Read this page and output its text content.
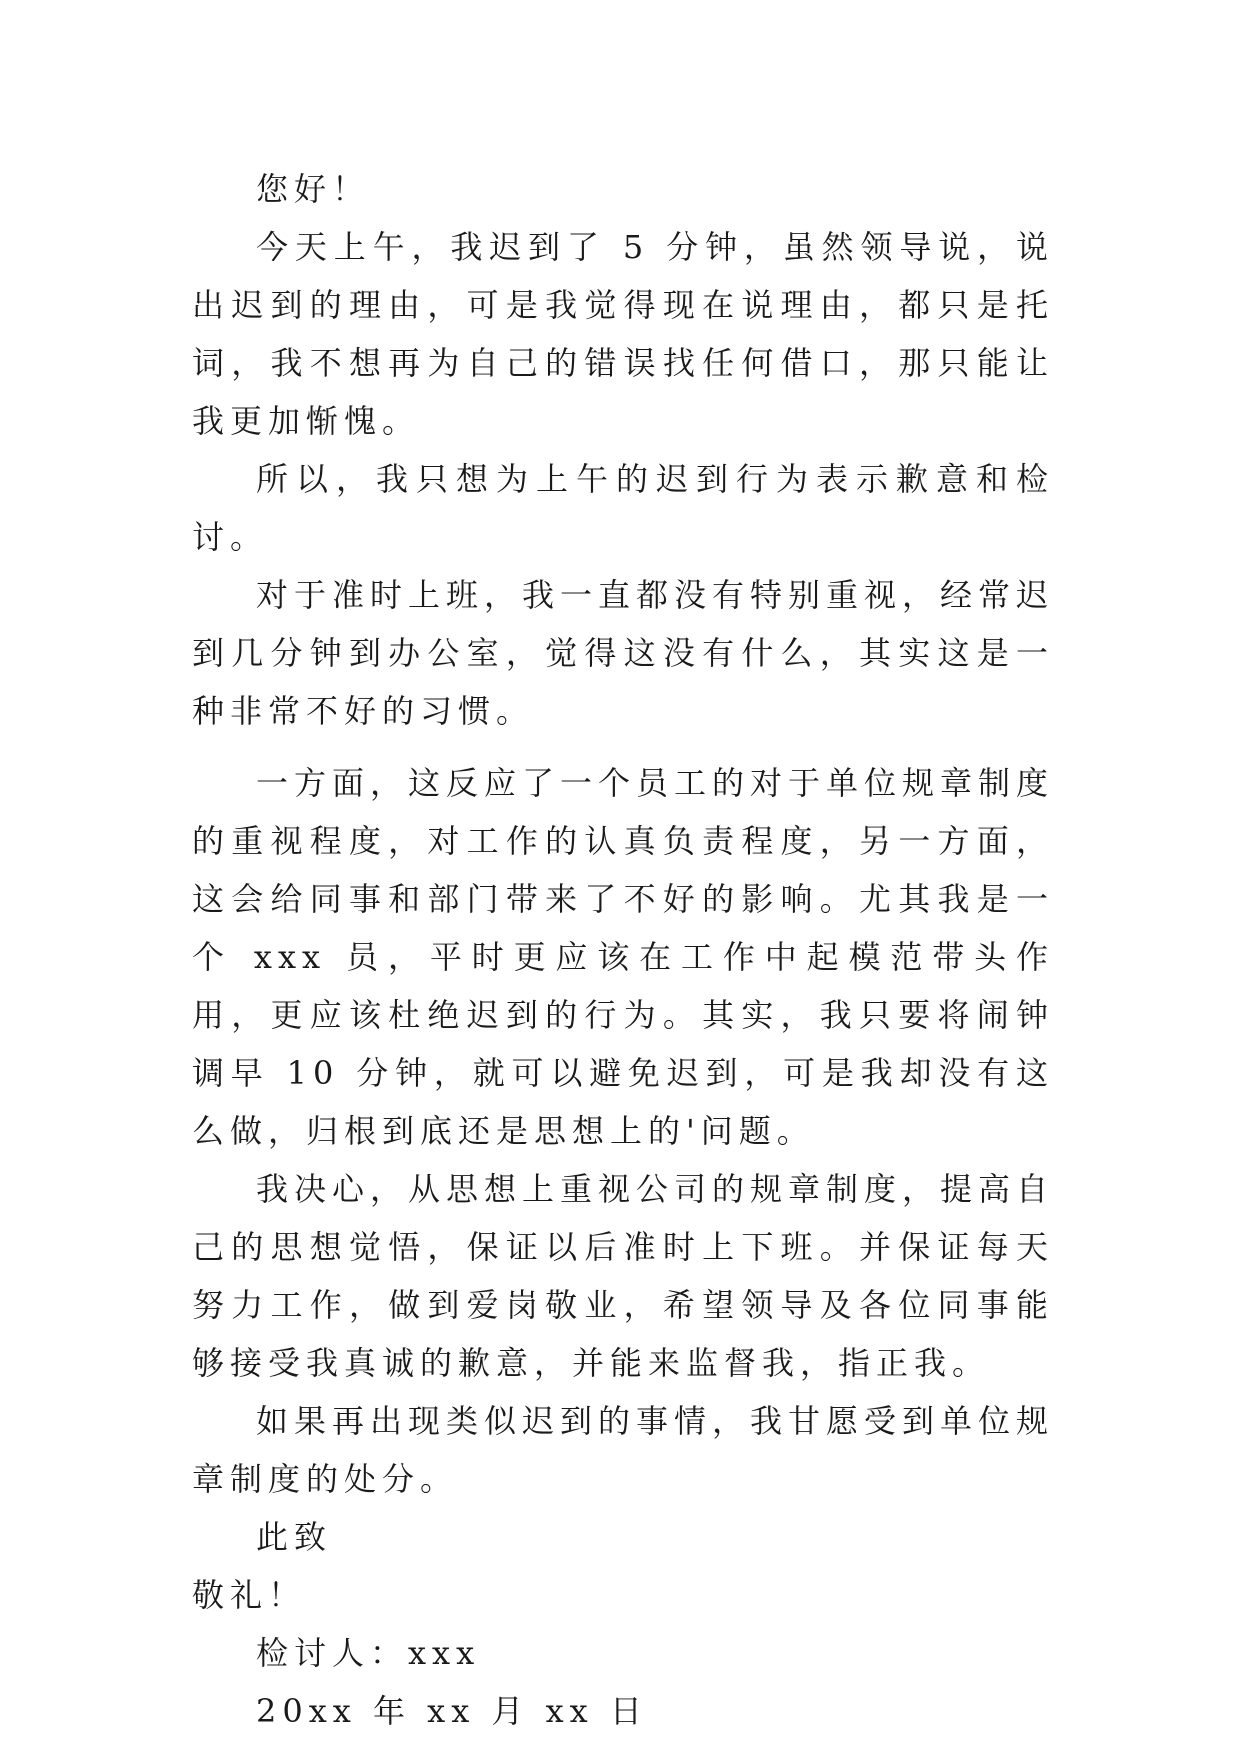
您好！

今天上午，我迟到了 5 分钟，虽然领导说，说出迟到的理由，可是我觉得现在说理由，都只是托词，我不想再为自己的错误找任何借口，那只能让我更加惭愧。

所以，我只想为上午的迟到行为表示歉意和检讨。

对于准时上班，我一直都没有特别重视，经常迟到几分钟到办公室，觉得这没有什么，其实这是一种非常不好的习惯。

一方面，这反应了一个员工的对于单位规章制度的重视程度，对工作的认真负责程度，另一方面，这会给同事和部门带来了不好的影响。尤其我是一个 xxx 员，平时更应该在工作中起模范带头作用，更应该杜绝迟到的行为。其实，我只要将闹钟调早 10 分钟，就可以避免迟到，可是我却没有这么做，归根到底还是思想上的'问题。

我决心，从思想上重视公司的规章制度，提高自己的思想觉悟，保证以后准时上下班。并保证每天努力工作，做到爱岗敬业，希望领导及各位同事能够接受我真诚的歉意，并能来监督我，指正我。

如果再出现类似迟到的事情，我甘愿受到单位规章制度的处分。

此致

敬礼！

检讨人：xxx

20xx 年 xx 月 xx 日
